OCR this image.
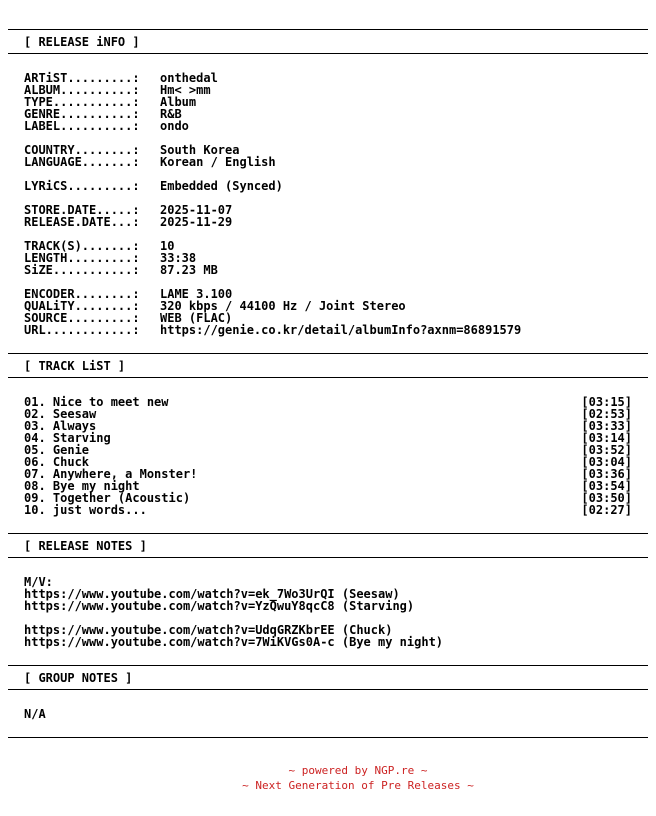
[ RELEASE iNFO ]
ARTiST.........: onthedal
ALBUM..........: Hm< >mm
TYPE...........: Album
GENRE..........: R&B
LABEL..........: ondo
COUNTRY........: South Korea
LANGUAGE.......: Korean / English
LYRiCS.........: Embedded (Synced)
STORE.DATE.....: 2025-11-07
RELEASE.DATE...: 2025-11-29
TRACK(S).......: 10
LENGTH.........: 33:38
SiZE...........: 87.23 MB
ENCODER........: LAME 3.100
QUALiTY........: 320 kbps / 44100 Hz / Joint Stereo
SOURCE.........: WEB (FLAC)
URL............: https://genie.co.kr/detail/albumInfo?axnm=86891579
[ TRACK LiST ]
01. Nice to meet new	[03:15]
02. Seesaw	[02:53]
03. Always	[03:33]
04. Starving	[03:14]
05. Genie	[03:52]
06. Chuck	[03:04]
07. Anywhere, a Monster!	[03:36]
08. Bye my night	[03:54]
09. Together (Acoustic)	[03:50]
10. just words...	[02:27]
[ RELEASE NOTES ]
M/V:
https://www.youtube.com/watch?v=ek_7Wo3UrQI (Seesaw)
https://www.youtube.com/watch?v=YzQwuY8qcC8 (Starving)
https://www.youtube.com/watch?v=UdqGRZKbrEE (Chuck)
https://www.youtube.com/watch?v=7WiKVGs0A-c (Bye my night)
[ GROUP NOTES ]
N/A
~ powered by NGP.re ~
~ Next Generation of Pre Releases ~
